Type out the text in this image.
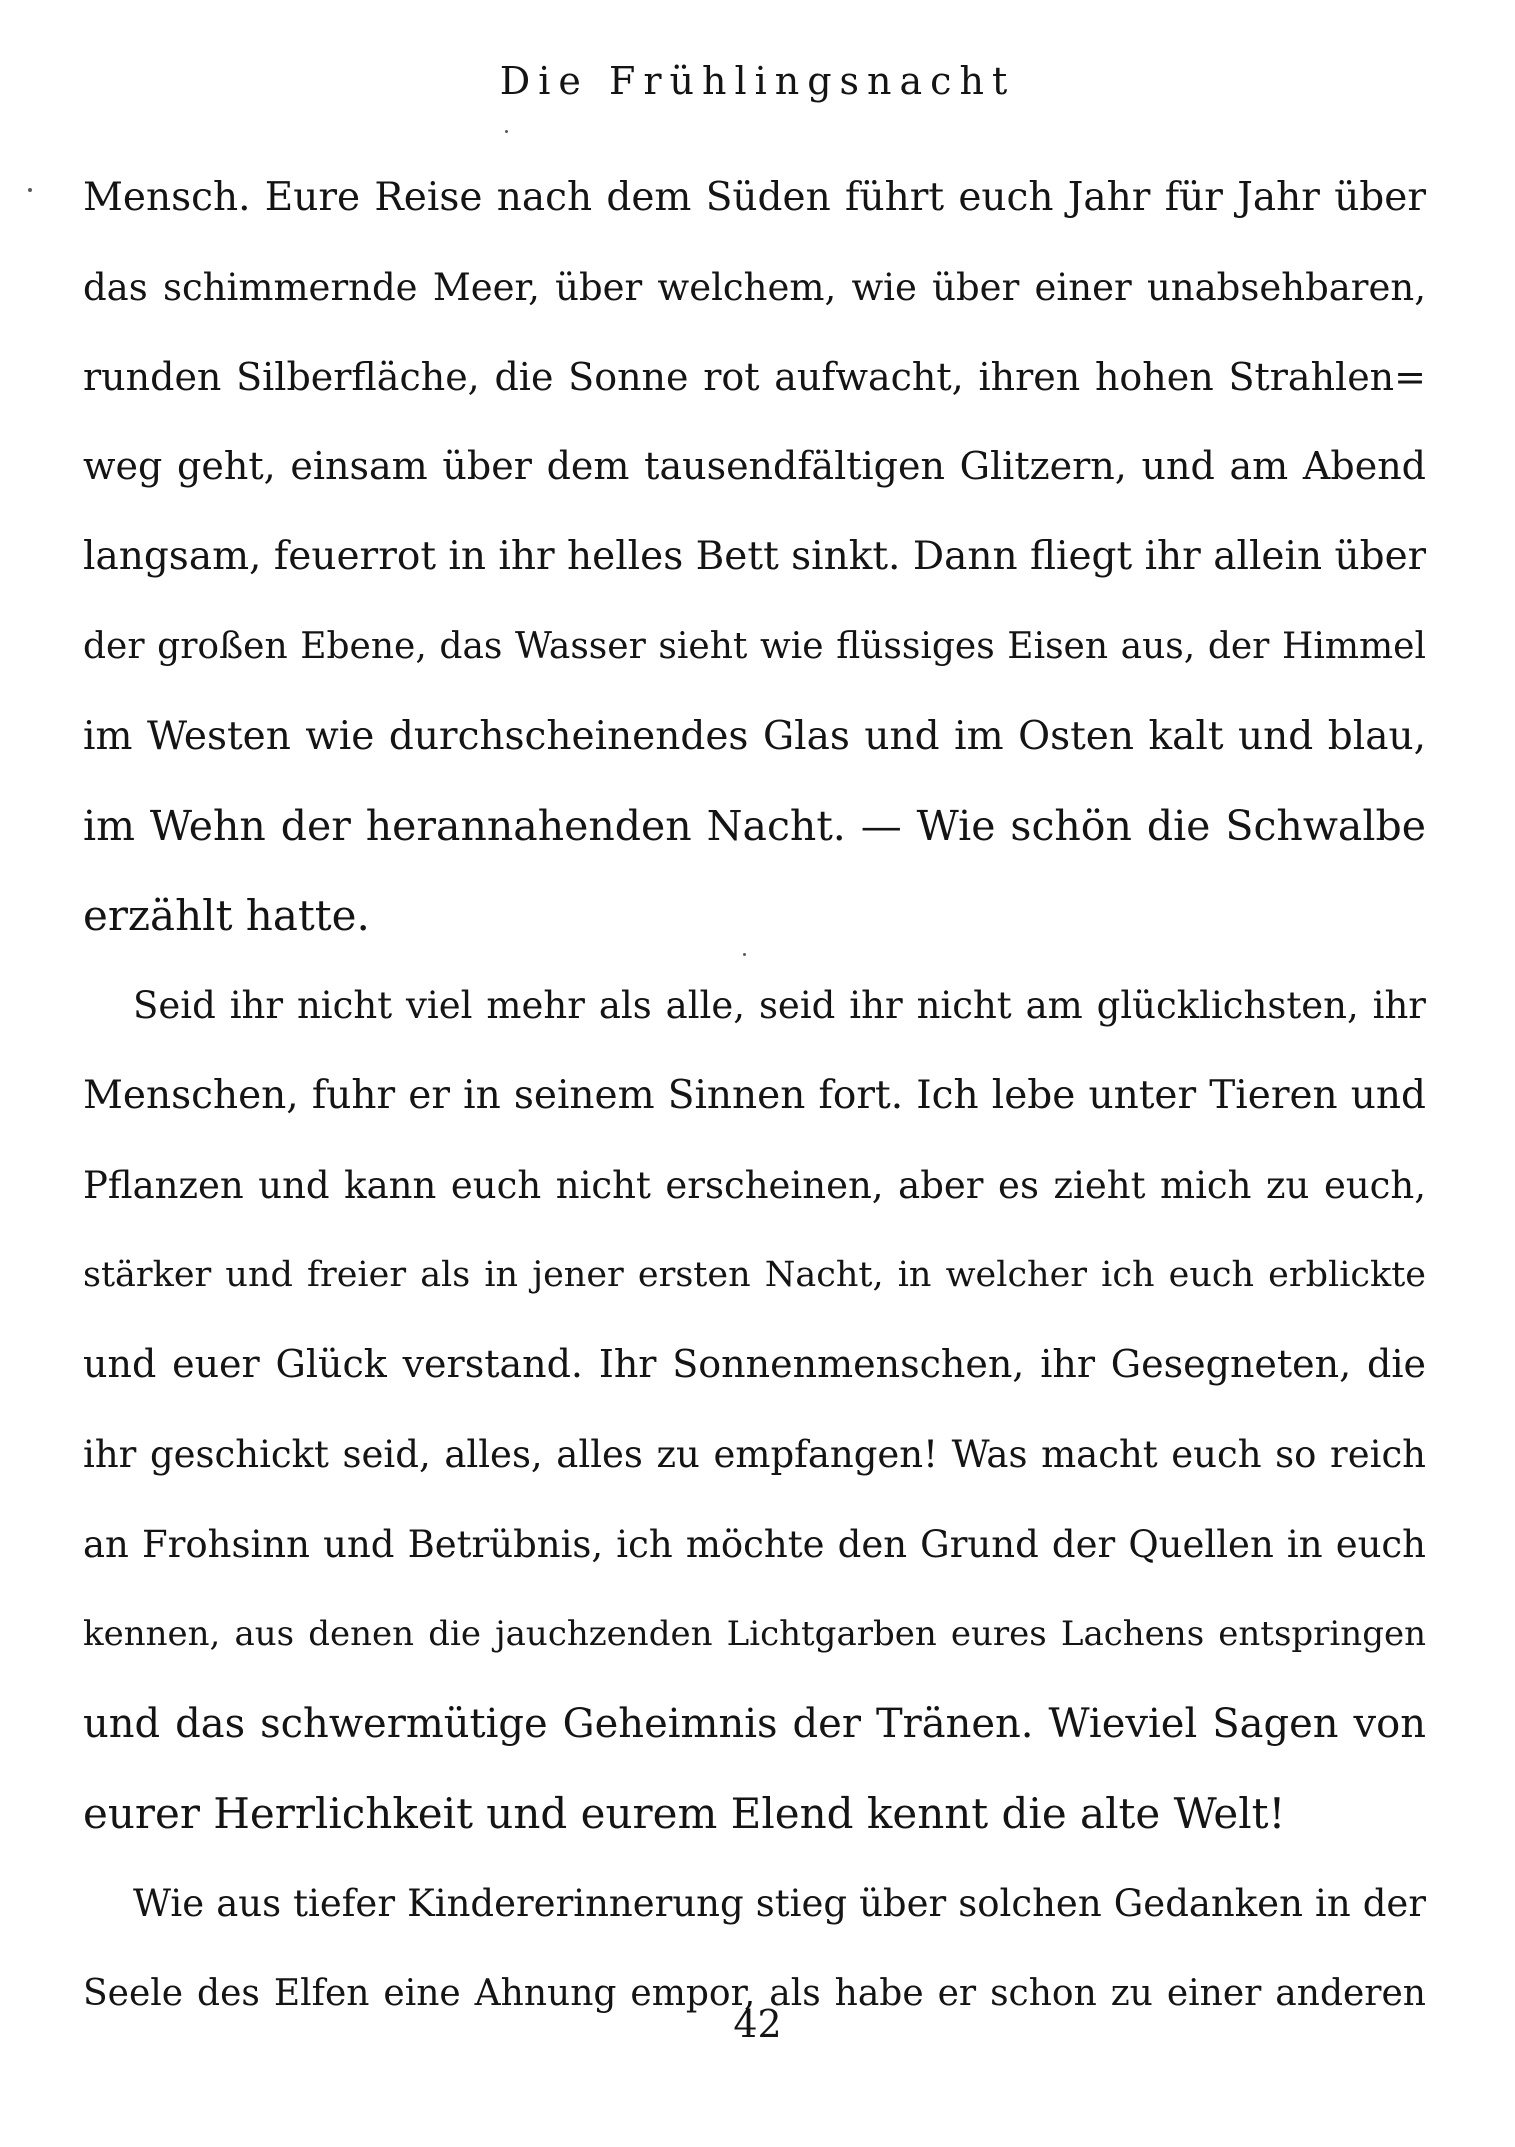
Die Frühlingsnacht
Mensch. Eure Reise nach dem Süden führt euch Jahr für Jahr über
das schimmernde Meer, über welchem, wie über einer unabsehbaren,
runden Silberfläche, die Sonne rot aufwacht, ihren hohen Strahlen=
weg geht, einsam über dem tausendfältigen Glitzern, und am Abend
langsam, feuerrot in ihr helles Bett sinkt. Dann fliegt ihr allein über
der großen Ebene, das Wasser sieht wie flüssiges Eisen aus, der Himmel
im Westen wie durchscheinendes Glas und im Osten kalt und blau,
im Wehn der herannahenden Nacht. — Wie schön die Schwalbe
erzählt hatte.
Seid ihr nicht viel mehr als alle, seid ihr nicht am glücklichsten, ihr
Menschen, fuhr er in seinem Sinnen fort. Ich lebe unter Tieren und
Pflanzen und kann euch nicht erscheinen, aber es zieht mich zu euch,
stärker und freier als in jener ersten Nacht, in welcher ich euch erblickte
und euer Glück verstand. Ihr Sonnenmenschen, ihr Gesegneten, die
ihr geschickt seid, alles, alles zu empfangen! Was macht euch so reich
an Frohsinn und Betrübnis, ich möchte den Grund der Quellen in euch
kennen, aus denen die jauchzenden Lichtgarben eures Lachens entspringen
und das schwermütige Geheimnis der Tränen. Wieviel Sagen von
eurer Herrlichkeit und eurem Elend kennt die alte Welt!
Wie aus tiefer Kindererinnerung stieg über solchen Gedanken in der
Seele des Elfen eine Ahnung empor, als habe er schon zu einer anderen
42
